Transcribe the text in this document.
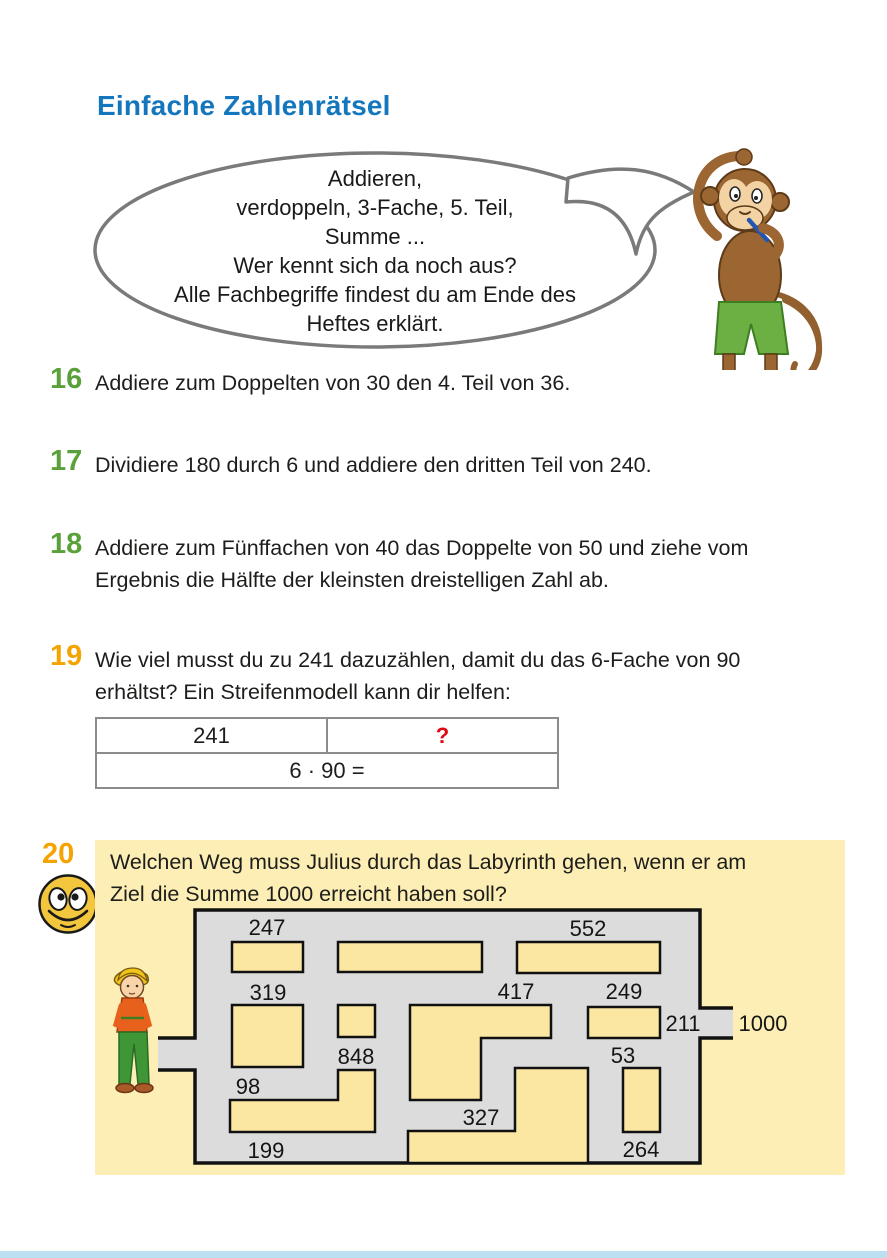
Einfache Zahlenrätsel
Addieren,
verdoppeln, 3-Fache, 5. Teil,
Summe ...
Wer kennt sich da noch aus?
Alle Fachbegriffe findest du am Ende des
Heftes erklärt.
16 Addiere zum Doppelten von 30 den 4. Teil von 36.
17 Dividiere 180 durch 6 und addiere den dritten Teil von 240.
18 Addiere zum Fünffachen von 40 das Doppelte von 50 und ziehe vom
Ergebnis die Hälfte der kleinsten dreistelligen Zahl ab.
19 Wie viel musst du zu 241 dazuzählen, damit du das 6-Fache von 90
erhältst? Ein Streifenmodell kann dir helfen:
241	?
6 · 90 =
20 Welchen Weg muss Julius durch das Labyrinth gehen, wenn er am
Ziel die Summe 1000 erreicht haben soll?
247	552
319	417	249
211
848	53
98
327
199	264
1000
